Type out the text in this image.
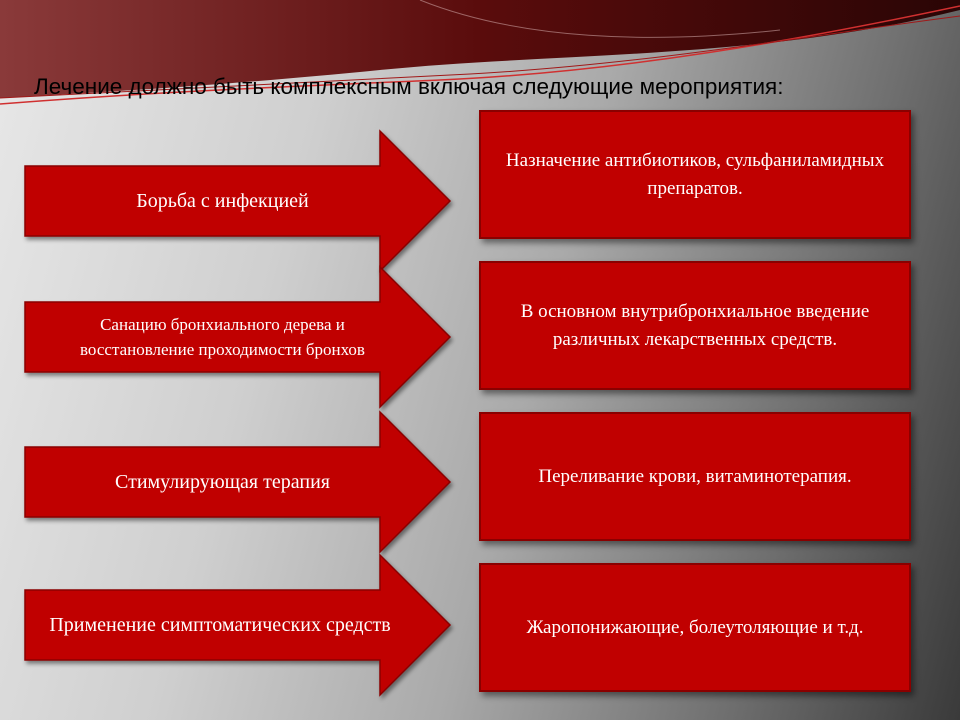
Лечение должно быть комплексным включая следующие мероприятия:
Борьба с инфекцией
Санацию бронхиального дерева и восстановление проходимости бронхов
Стимулирующая терапия
Применение симптоматических средств
Назначение антибиотиков, сульфаниламидных препаратов.
В основном внутрибронхиальное введение различных лекарственных средств.
Переливание крови, витаминотерапия.
Жаропонижающие, болеутоляющие и т.д.
